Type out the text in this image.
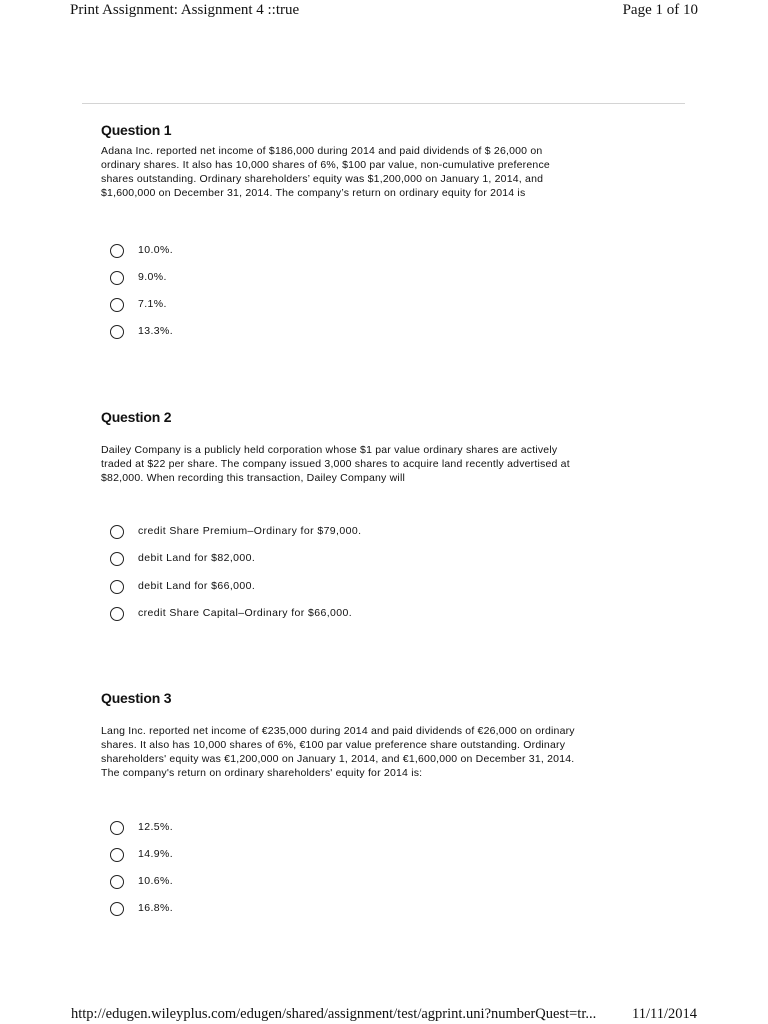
Print Assignment: Assignment 4 ::true	Page 1 of 10
Question 1
Adana Inc. reported net income of $186,000 during 2014 and paid dividends of $ 26,000 on
ordinary shares. It also has 10,000 shares of 6%, $100 par value, non-cumulative preference
shares outstanding. Ordinary shareholders’ equity was $1,200,000 on January 1, 2014, and
$1,600,000 on December 31, 2014. The company’s return on ordinary equity for 2014 is
10.0%.
9.0%.
7.1%.
13.3%.
Question 2
Dailey Company is a publicly held corporation whose $1 par value ordinary shares are actively
traded at $22 per share. The company issued 3,000 shares to acquire land recently advertised at
$82,000. When recording this transaction, Dailey Company will
credit Share Premium–Ordinary for $79,000.
debit Land for $82,000.
debit Land for $66,000.
credit Share Capital–Ordinary for $66,000.
Question 3
Lang Inc. reported net income of €235,000 during 2014 and paid dividends of €26,000 on ordinary
shares. It also has 10,000 shares of 6%, €100 par value preference share outstanding. Ordinary
shareholders' equity was €1,200,000 on January 1, 2014, and €1,600,000 on December 31, 2014.
The company's return on ordinary shareholders' equity for 2014 is:
12.5%.
14.9%.
10.6%.
16.8%.
http://edugen.wileyplus.com/edugen/shared/assignment/test/agprint.uni?numberQuest=tr... 11/11/2014
